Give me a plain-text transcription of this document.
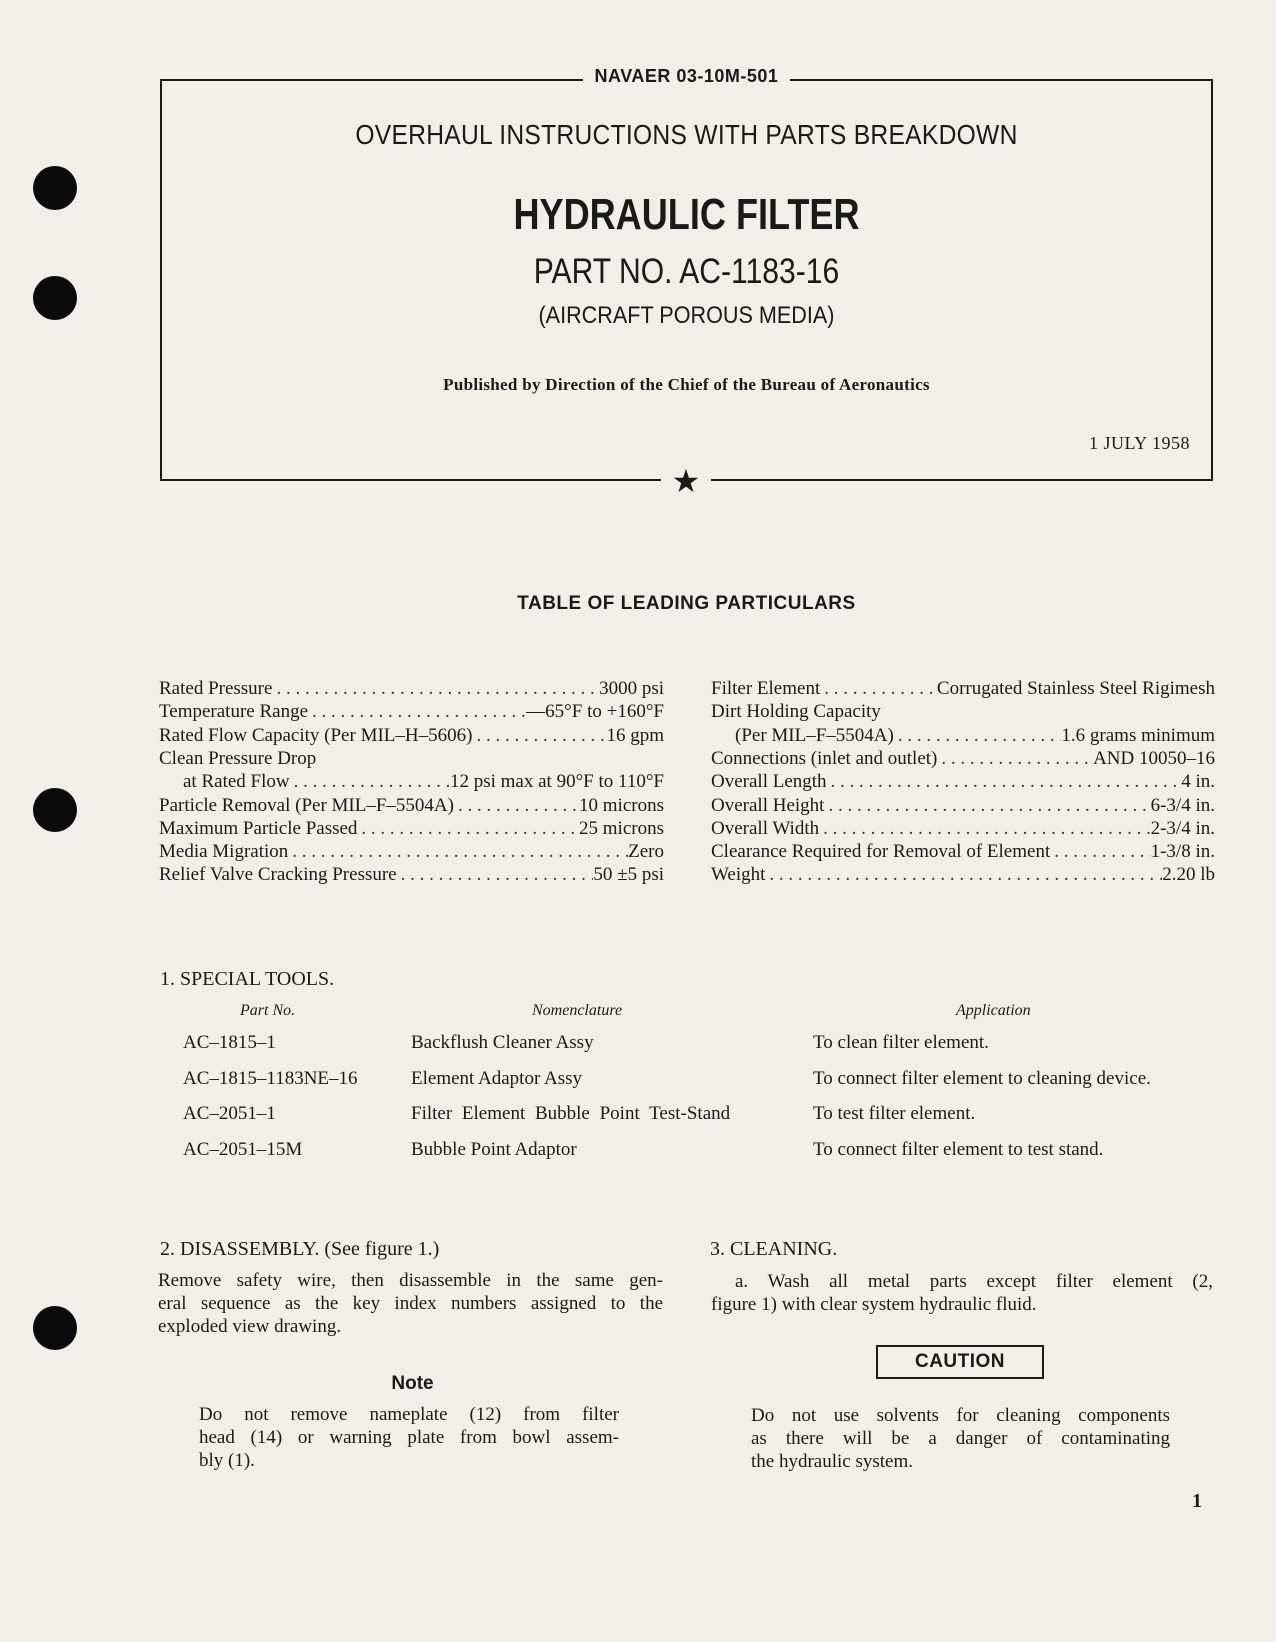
NAVAER 03-10M-501
OVERHAUL INSTRUCTIONS WITH PARTS BREAKDOWN
HYDRAULIC FILTER
PART NO. AC-1183-16
(AIRCRAFT POROUS MEDIA)
Published by Direction of the Chief of the Bureau of Aeronautics
1 JULY 1958
★
TABLE OF LEADING PARTICULARS
Rated Pressure . . .	3000 psi
Temperature Range . . .	—65°F to +160°F
Rated Flow Capacity (Per MIL–H–5606) . . .	16 gpm
Clean Pressure Drop
at Rated Flow . . .	12 psi max at 90°F to 110°F
Particle Removal (Per MIL–F–5504A) . . .	10 microns
Maximum Particle Passed . . .	25 microns
Media Migration . . .	Zero
Relief Valve Cracking Pressure . . .	50 ±5 psi
Filter Element . . .	Corrugated Stainless Steel Rigimesh
Dirt Holding Capacity
(Per MIL–F–5504A) . . .	1.6 grams minimum
Connections (inlet and outlet) . . .	AND 10050–16
Overall Length . . .	4 in.
Overall Height . . .	6-3/4 in.
Overall Width . . .	2-3/4 in.
Clearance Required for Removal of Element . . .	1-3/8 in.
Weight . . .	2.20 lb
1. SPECIAL TOOLS.
Part No.	Nomenclature	Application
AC–1815–1	Backflush Cleaner Assy	To clean filter element.
AC–1815–1183NE–16	Element Adaptor Assy	To connect filter element to cleaning device.
AC–2051–1	Filter Element Bubble Point Test-Stand	To test filter element.
AC–2051–15M	Bubble Point Adaptor	To connect filter element to test stand.
2. DISASSEMBLY. (See figure 1.)
Remove safety wire, then disassemble in the same gen-
eral sequence as the key index numbers assigned to the
exploded view drawing.
Note
Do not remove nameplate (12) from filter
head (14) or warning plate from bowl assem-
bly (1).
3. CLEANING.
a. Wash all metal parts except filter element (2,
figure 1) with clear system hydraulic fluid.
CAUTION
Do not use solvents for cleaning components
as there will be a danger of contaminating
the hydraulic system.
1
